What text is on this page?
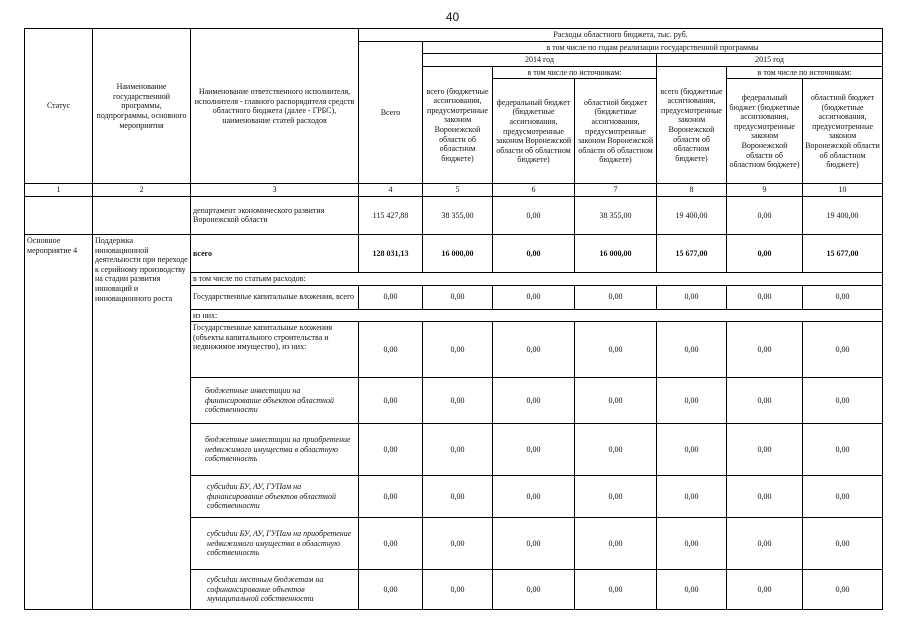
40
Статус	Наименование государственной программы, подпрограммы, основного мероприятия	Наименование ответственного исполнителя, исполнителя - главного распорядителя средств областного бюджета (далее - ГРБС), наименование статей расходов	Расходы областного бюджета, тыс. руб.						
			Всего	в том числе по годам реализации государственной программы					
				2014 год			2015 год		
				всего (бюджетные ассигнования, предусмотренные законом Воронежской области об областном бюджете)	в том числе по источникам:		всего (бюджетные ассигнования, предусмотренные законом Воронежской области об областном бюджете)	в том числе по источникам:	
					федеральный бюджет (бюджетные ассигнования, предусмотренные законом Воронежской области об областном бюджете)	областной бюджет (бюджетные ассигнования, предусмотренные законом Воронежской области об областном бюджете)		федеральный бюджет (бюджетные ассигнования, предусмотренные законом Воронежской области об областном бюджете)	областной бюджет (бюджетные ассигнования, предусмотренные законом Воронежской области об областном бюджете)
1	2	3	4	5	6	7	8	9	10
		департамент экономического развития Воронежской области	115 427,88	38 355,00	0,00	38 355,00	19 400,00	0,00	19 400,00
Основное мероприятие 4	Поддержка инновационной деятельности при переходе к серийному производству на стадии развития инноваций и инновационного роста	всего	128 031,13	16 000,00	0,00	16 000,00	15 677,00	0,00	15 677,00
		в том числе по статьям расходов:							
		Государственные капитальные вложения, всего	0,00	0,00	0,00	0,00	0,00	0,00	0,00
		из них:							
		Государственные капитальные вложения (объекты капитального строительства и недвижимое имущество), из них:	0,00	0,00	0,00	0,00	0,00	0,00	0,00
		бюджетные инвестиции на финансирование объектов областной собственности	0,00	0,00	0,00	0,00	0,00	0,00	0,00
		бюджетные инвестиции на приобретение недвижимого имущества в областную собственность	0,00	0,00	0,00	0,00	0,00	0,00	0,00
		субсидии БУ, АУ, ГУПам на финансирование объектов областной собственности	0,00	0,00	0,00	0,00	0,00	0,00	0,00
		субсидии БУ, АУ, ГУПам на приобретение недвижимого имущества в областную собственность	0,00	0,00	0,00	0,00	0,00	0,00	0,00
		субсидии местным бюджетам на софинансирование объектов муниципальной собственности	0,00	0,00	0,00	0,00	0,00	0,00	0,00
